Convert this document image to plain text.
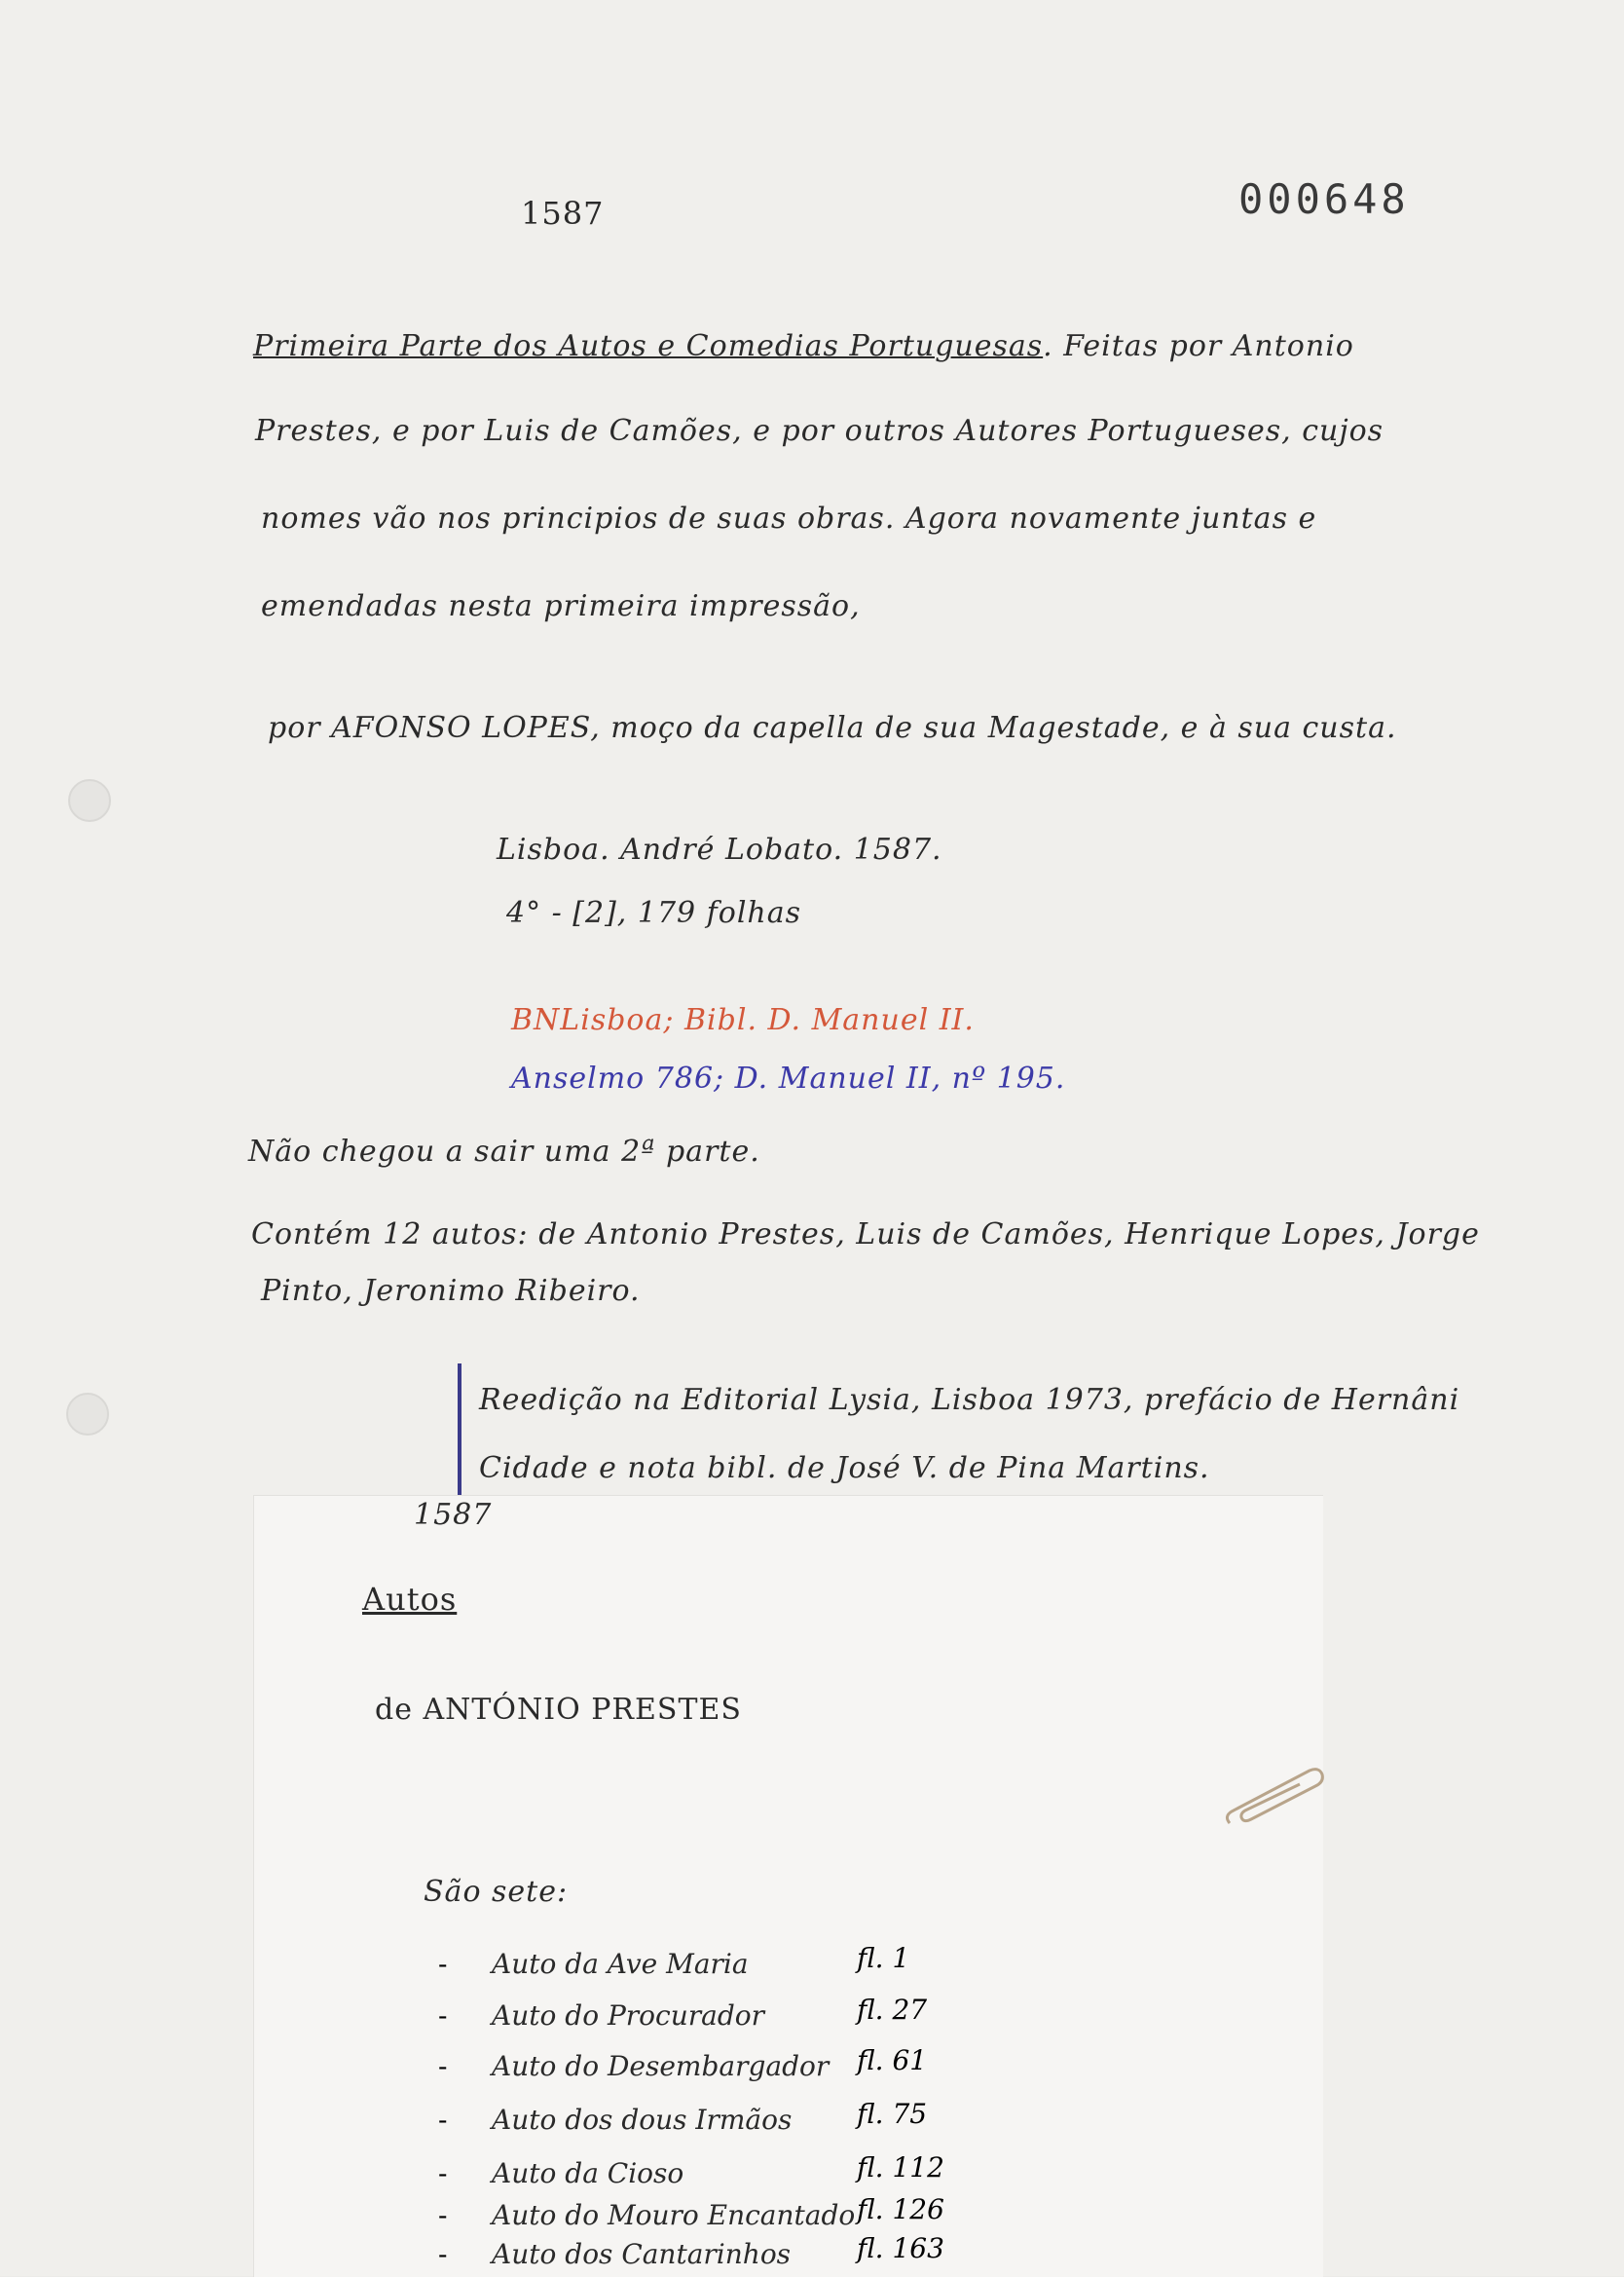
1587	000648
Primeira Parte dos Autos e Comedias Portuguesas. Feitas por Antonio
Prestes, e por Luis de Camões, e por outros Autores Portugueses, cujos
nomes vão nos principios de suas obras. Agora novamente juntas e
emendadas nesta primeira impressão,
por AFONSO LOPES, moço da capella de sua Magestade, e à sua custa.
Lisboa. André Lobato. 1587.
4° - [2], 179 folhas
BNLisboa; Bibl. D. Manuel II.
Anselmo 786; D. Manuel II, nº 195.
Não chegou a sair uma 2ª parte.
Contém 12 autos: de Antonio Prestes, Luis de Camões, Henrique Lopes, Jorge
Pinto, Jeronimo Ribeiro.
Reedição na Editorial Lysia, Lisboa 1973, prefácio de Hernâni
Cidade e nota bibl. de José V. de Pina Martins.
1587
Autos
de ANTÓNIO PRESTES
São sete:
- Auto da Ave Maria	fl. 1
- Auto do Procurador	fl. 27
- Auto do Desembargador fl. 61
- Auto dos dous Irmãos fl. 75
- Auto da Cioso	fl. 112
- Auto do Mouro Encantado fl. 126
- Auto dos Cantarinhos fl. 163
